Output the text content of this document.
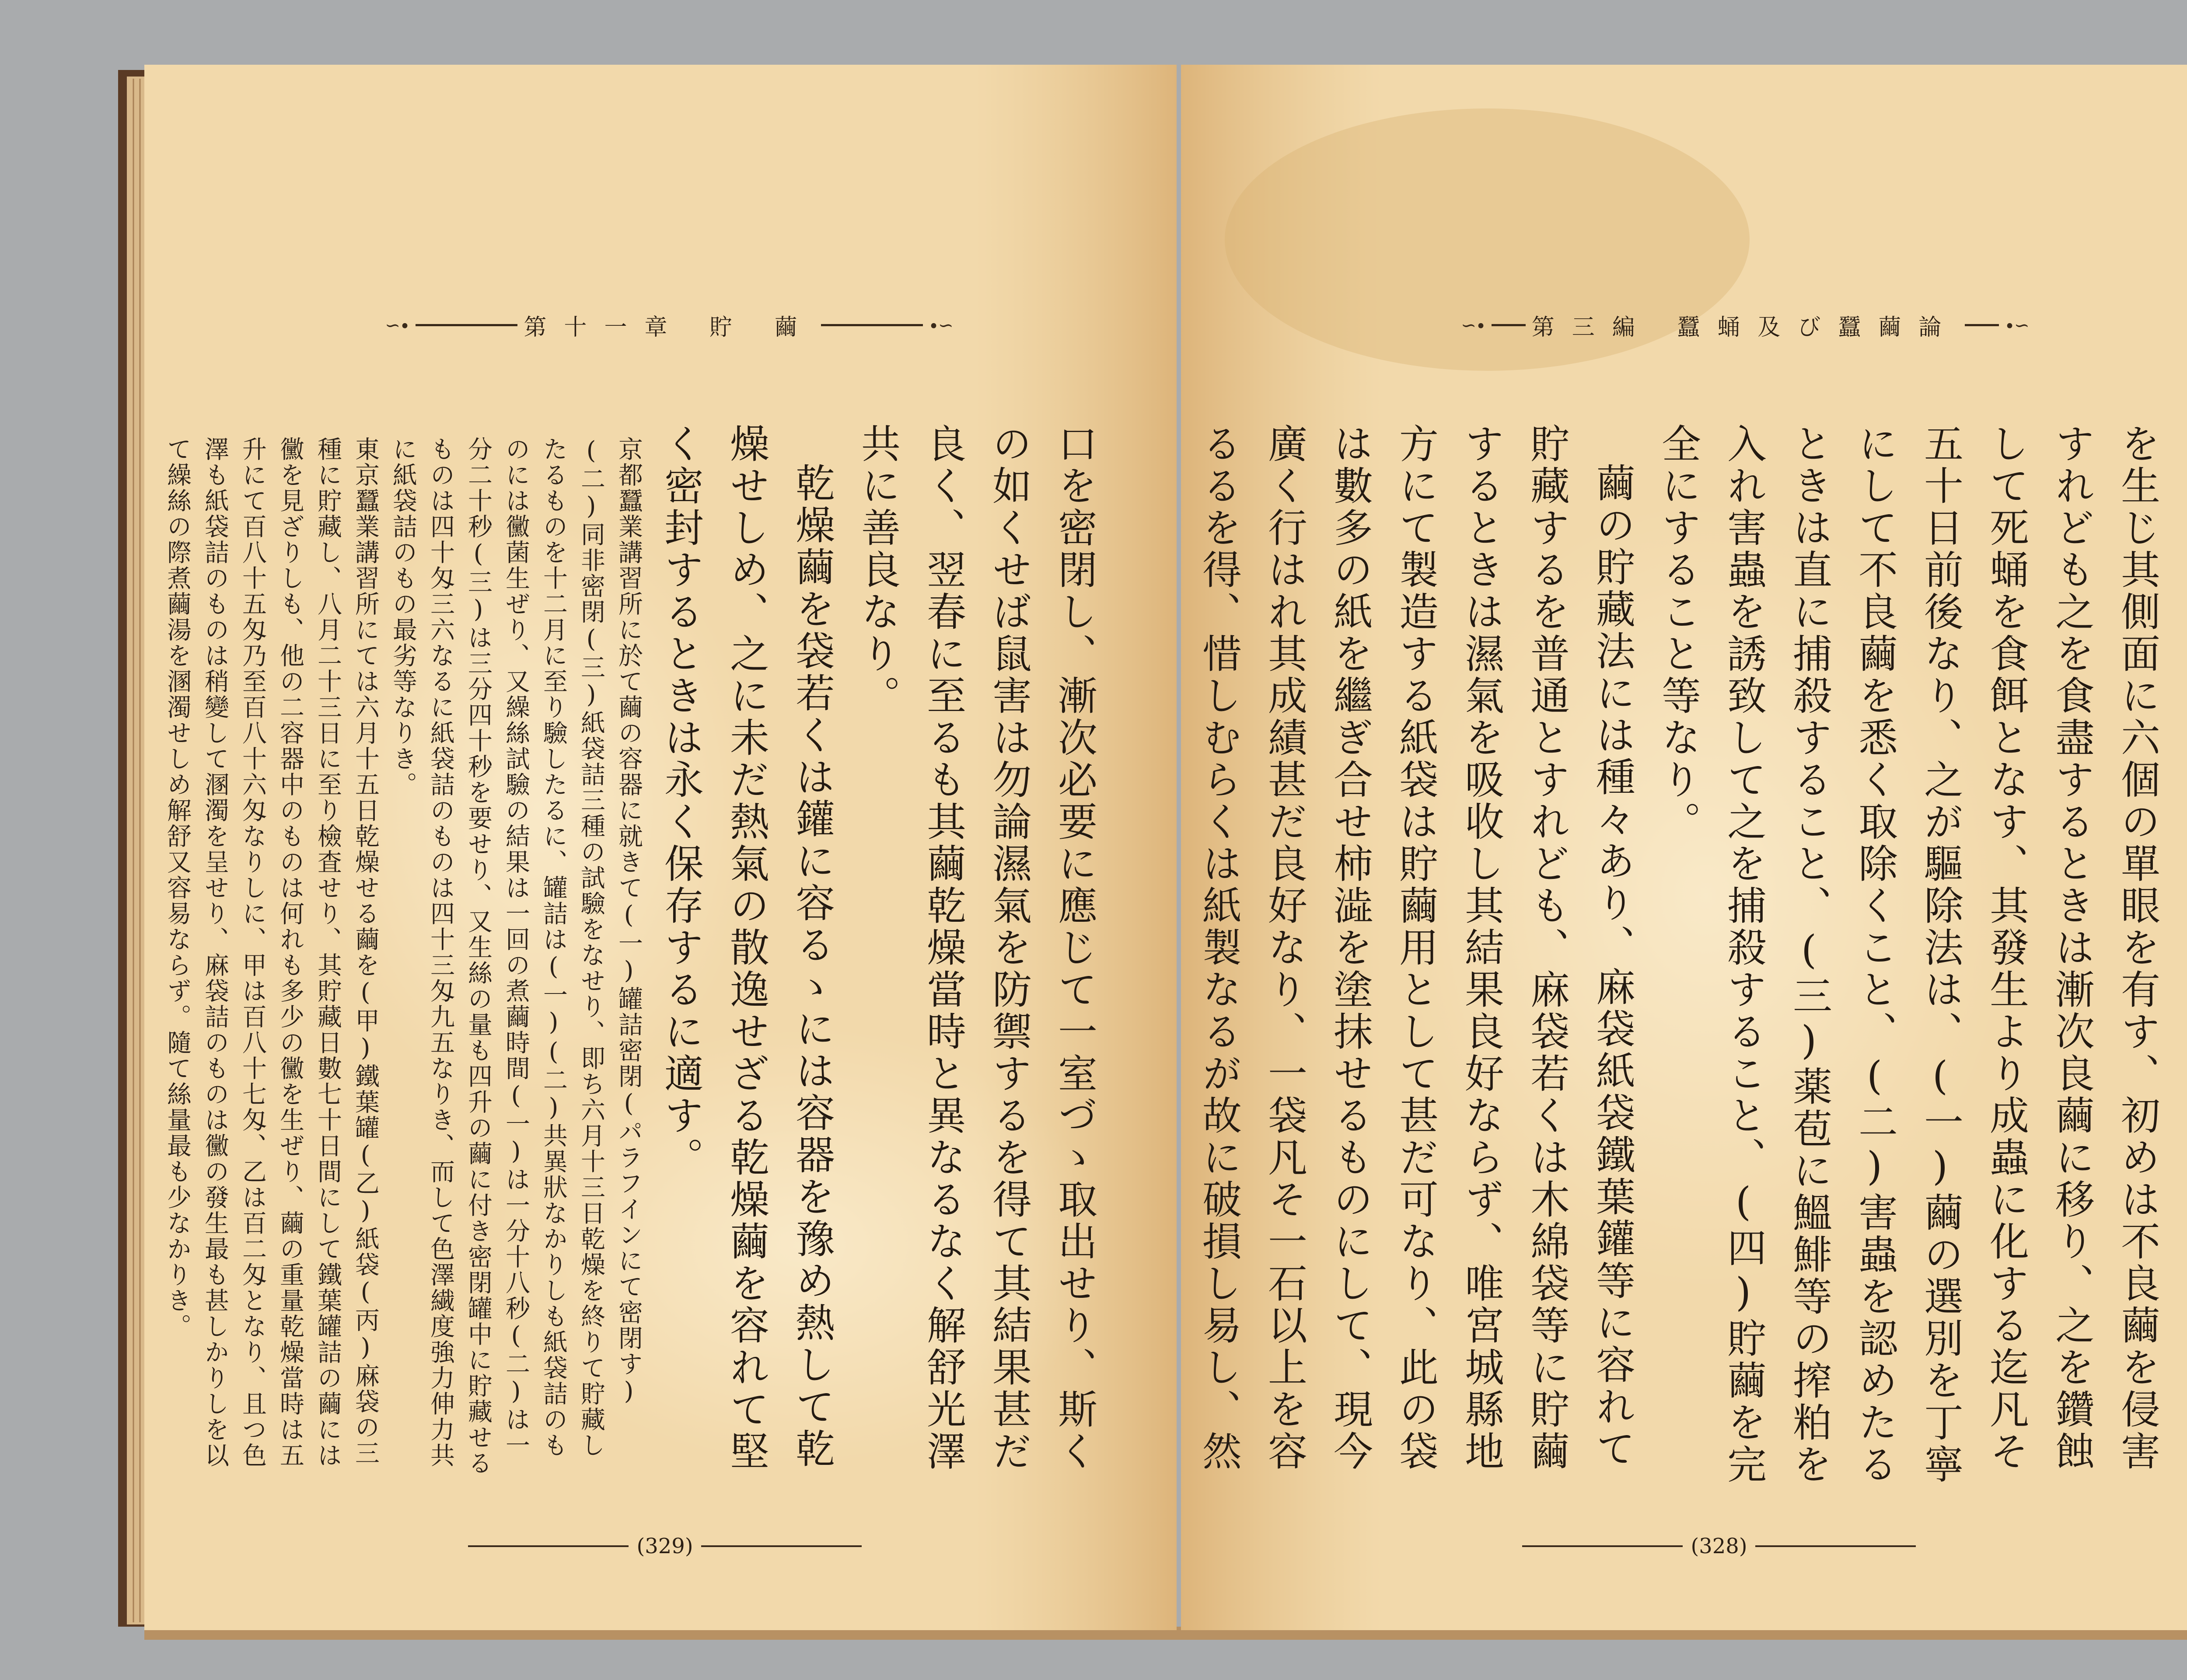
∽∙	第十一章 貯 繭	∙∽

口を密閉し、漸次必要に應じて一室づゝ取出せり、斯くの如くせば鼠害は勿論濕氣を防禦するを得て其結果甚だ良く、翌春に至るも其繭乾燥當時と異なるなく解舒光澤共に善良なり。

乾燥繭を袋若くは鑵に容るゝには容器を豫め熱して乾燥せしめ、之に未だ熱氣の散逸せざる乾燥繭を容れて堅く密封するときは永く保存するに適す。

京都蠶業講習所に於て繭の容器に就きて(一)罐詰密閉(パラフインにて密閉す)(二)同非密閉(三)紙袋詰三種の試驗をなせり、即ち六月十三日乾燥を終りて貯藏したるものを十二月に至り驗したるに、罐詰は(一)(二)共異狀なかりしも紙袋詰のものには黴菌生ぜり、又繰絲試驗の結果は一回の煮繭時間(一)は一分十八秒(二)は一分二十秒(三)は三分四十秒を要せり、又生絲の量も四升の繭に付き密閉罐中に貯藏せるものは四十匁三六なるに紙袋詰のものは四十三匁九五なりき、而して色澤繊度強力伸力共に紙袋詰のもの最劣等なりき。

東京蠶業講習所にては六月十五日乾燥せる繭を(甲)鐵葉罐(乙)紙袋(丙)麻袋の三種に貯藏し、八月二十三日に至り檢査せり、其貯藏日數七十日間にして鐵葉罐詰の繭には黴を見ざりしも、他の二容器中のものは何れも多少の黴を生ぜり、繭の重量乾燥當時は五升にて百八十五匁乃至百八十六匁なりしに、甲は百八十七匁、乙は百二匁となり、且つ色澤も紙袋詰のものは稍變して溷濁を呈せり、麻袋詰のものは黴の發生最も甚しかりしを以て繰絲の際煮繭湯を溷濁せしめ解舒又容易ならず。隨て絲量最も少なかりき。

(329)
∽∙ 第三編 蠶蛹及び蠶繭論	∙∽

を生じ其側面に六個の單眼を有す、初めは不良繭を侵害すれども之を食盡するときは漸次良繭に移り、之を鑽蝕して死蛹を食餌となす、其發生より成蟲に化する迄凡そ五十日前後なり、之が驅除法は、(一)繭の選別を丁寧にして不良繭を悉く取除くこと、(二)害蟲を認めたるときは直に捕殺すること、(三)薬苞に鰮鯡等の搾粕を入れ害蟲を誘致して之を捕殺すること、(四)貯繭を完全にすること等なり。

繭の貯藏法には種々あり、麻袋紙袋鐵葉鑵等に容れて貯藏するを普通とすれども、麻袋若くは木綿袋等に貯繭するときは濕氣を吸收し其結果良好ならず、唯宮城縣地方にて製造する紙袋は貯繭用として甚だ可なり、此の袋は數多の紙を繼ぎ合せ柿澁を塗抹せるものにして、現今廣く行はれ其成績甚だ良好なり、一袋凡そ一石以上を容るるを得、惜しむらくは紙製なるが故に破損し易し、然

(328)
